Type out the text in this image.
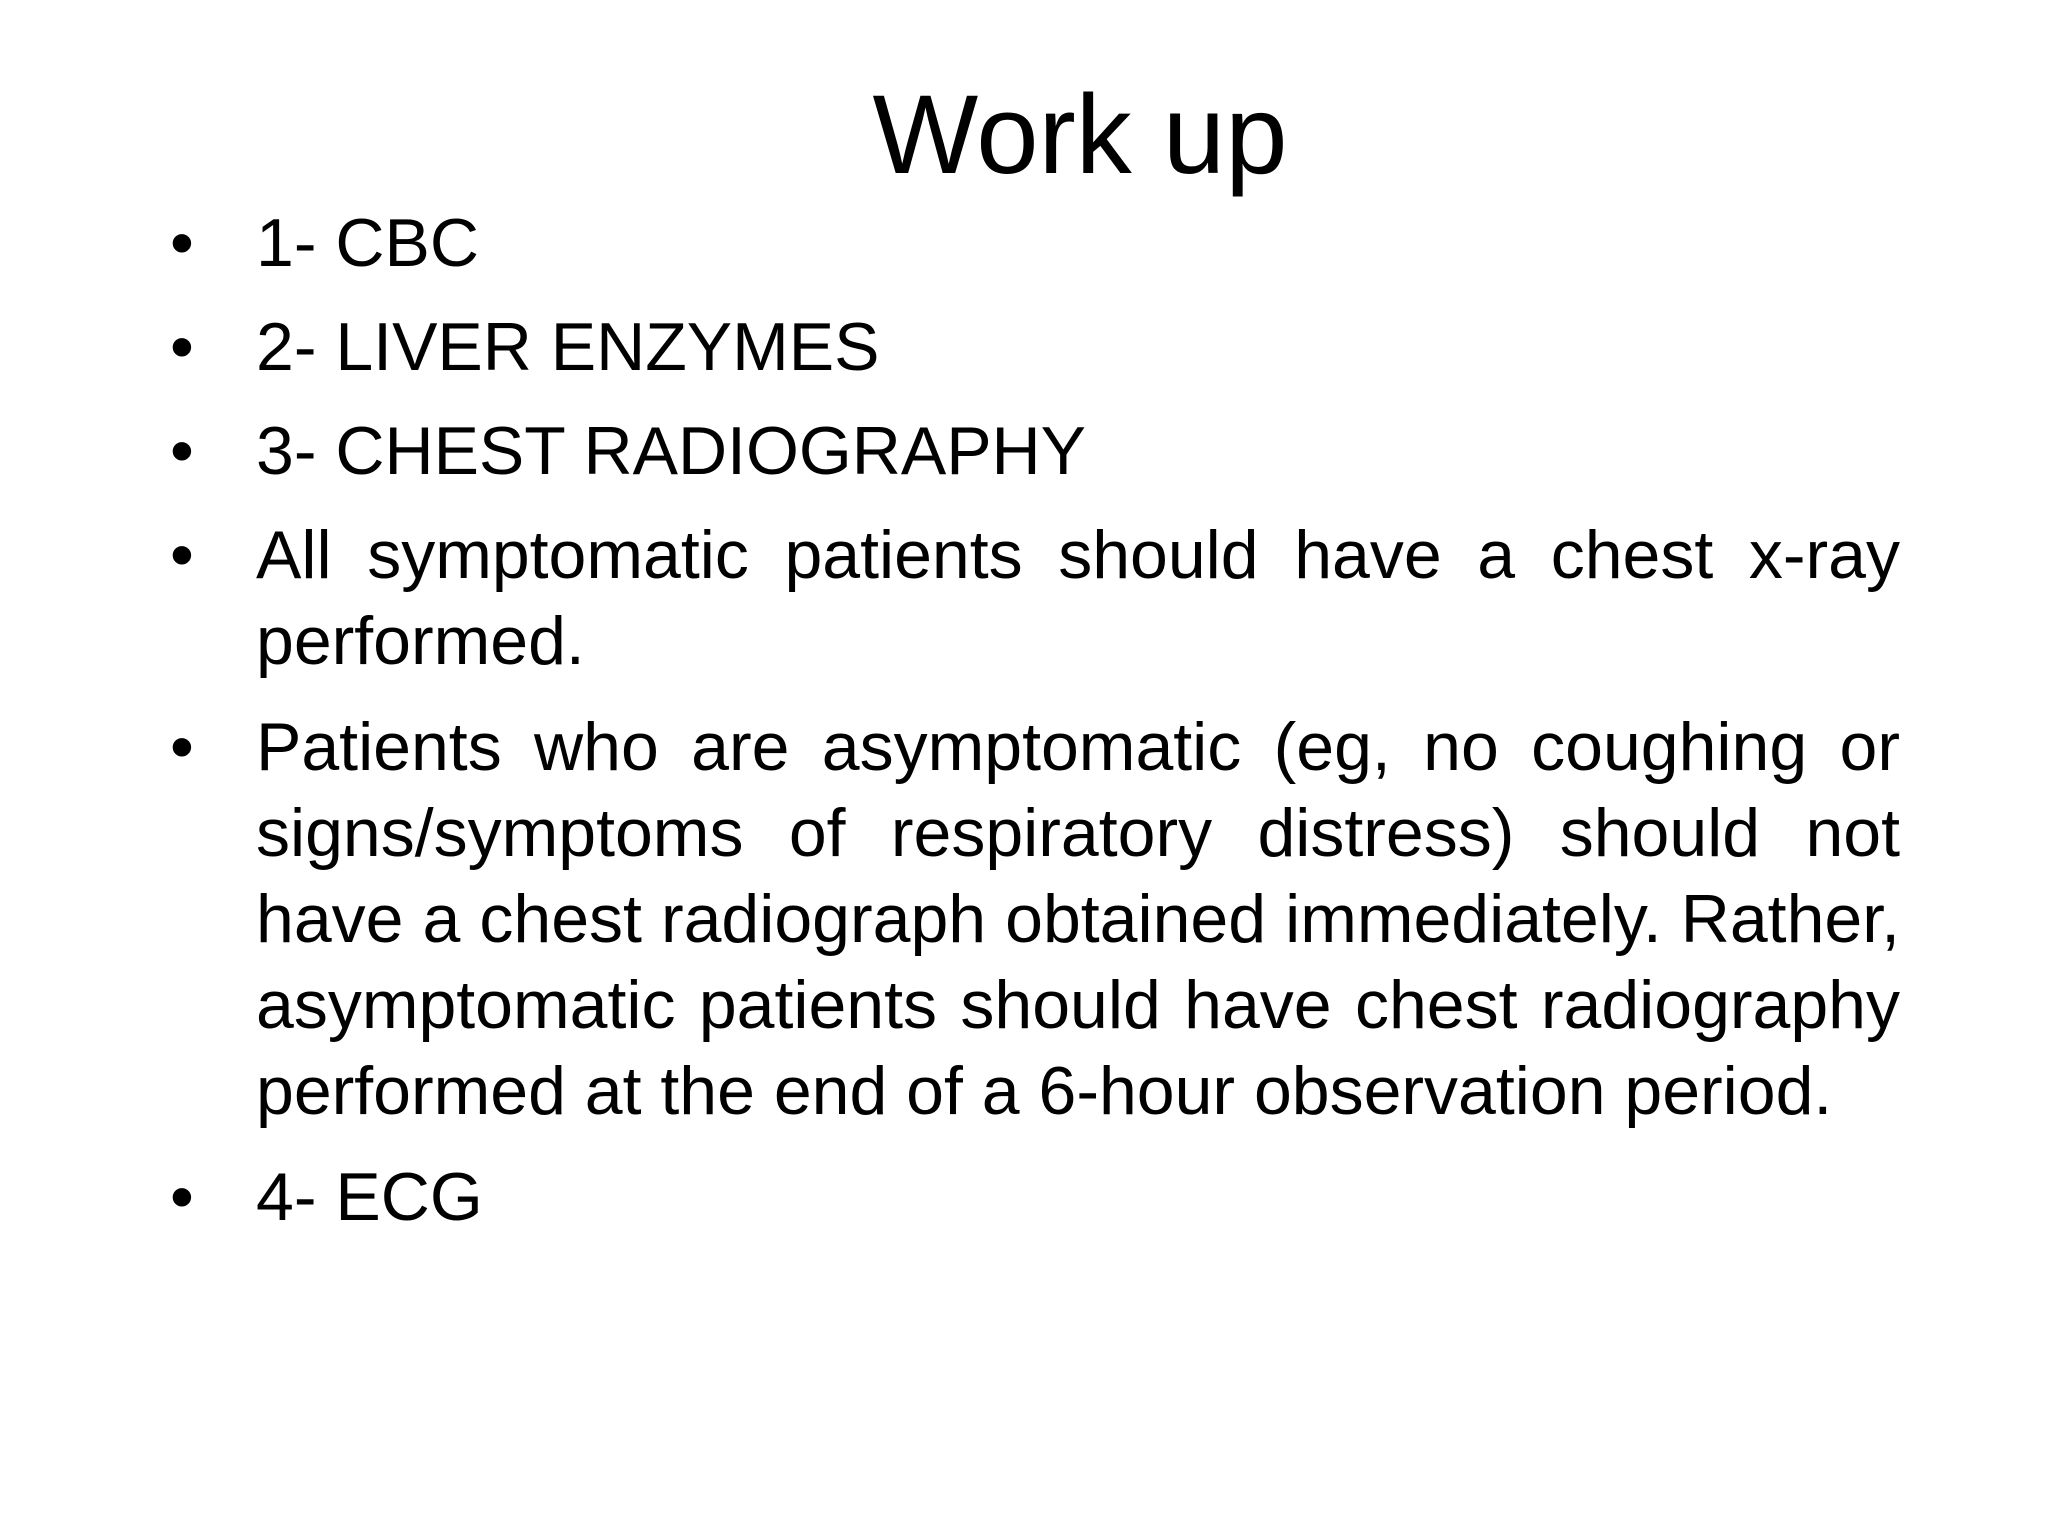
Work up
• 1- CBC
• 2- LIVER ENZYMES
• 3- CHEST RADIOGRAPHY
• All symptomatic patients should have a chest x-ray performed.
• Patients who are asymptomatic (eg, no coughing or signs/symptoms of respiratory distress) should not have a chest radiograph obtained immediately. Rather, asymptomatic patients should have chest radiography performed at the end of a 6-hour observation period.
• 4- ECG
